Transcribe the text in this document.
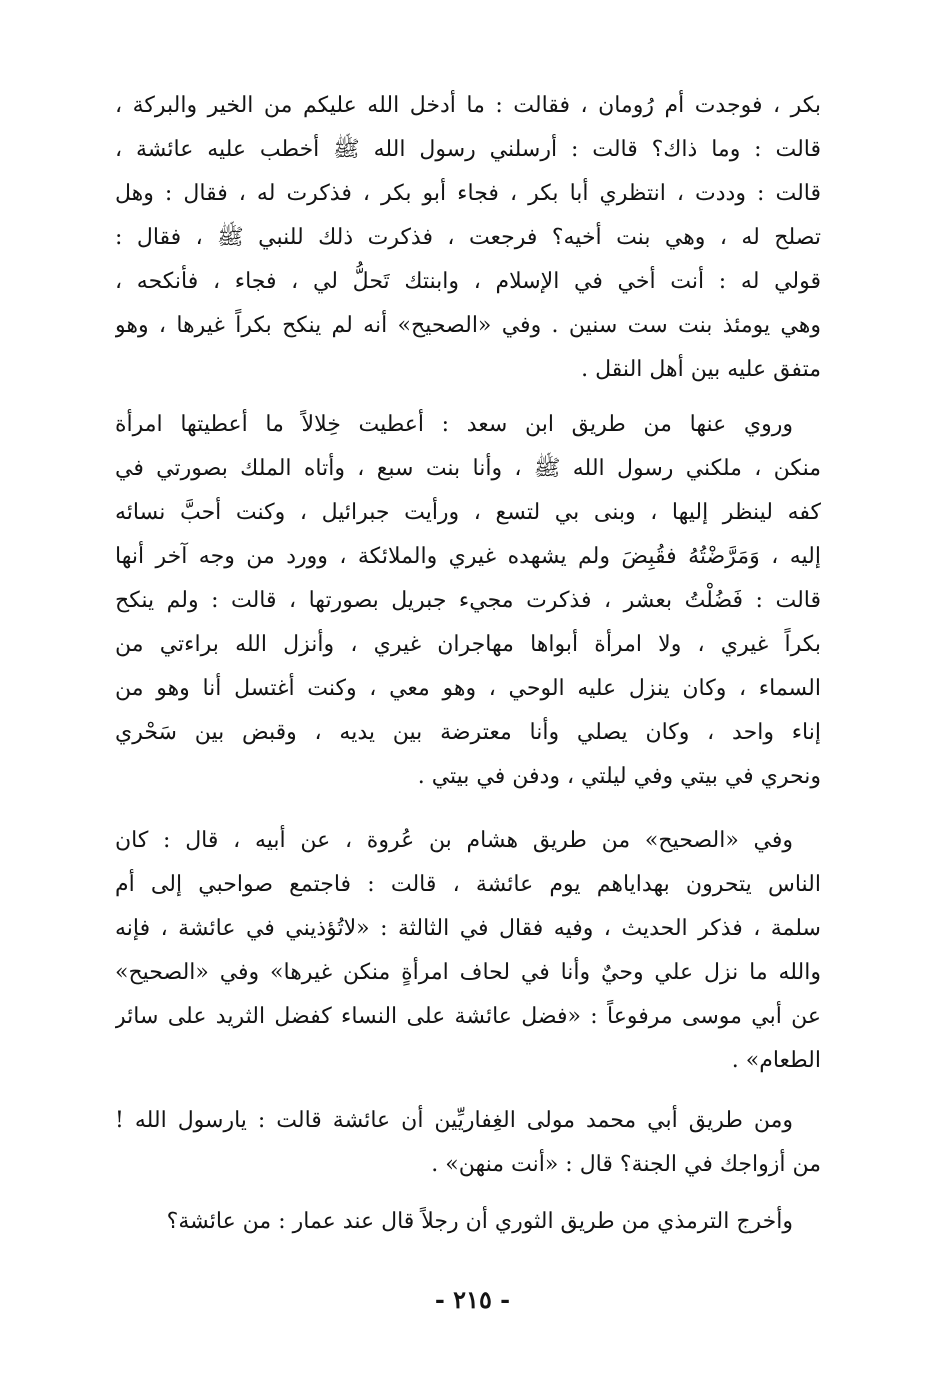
بكر ، فوجدت أم رُومان ، فقالت : ما أدخل الله عليكم من الخير والبركة ،
قالت : وما ذاك؟ قالت : أرسلني رسول الله ﷺ أخطب عليه عائشة ،
قالت : وددت ، انتظري أبا بكر ، فجاء أبو بكر ، فذكرت له ، فقال : وهل
تصلح له ، وهي بنت أخيه؟ فرجعت ، فذكرت ذلك للنبي ﷺ ، فقال :
قولي له : أنت أخي في الإسلام ، وابنتك تَحلُّ لي ، فجاء ، فأنكحه ،
وهي يومئذ بنت ست سنين . وفي «الصحيح» أنه لم ينكح بكراً غيرها ، وهو
متفق عليه بين أهل النقل .
وروي عنها من طريق ابن سعد : أعطيت خِلالاً ما أعطيتها امرأة
منكن ، ملكني رسول الله ﷺ ، وأنا بنت سبع ، وأتاه الملك بصورتي في
كفه لينظر إليها ، وبنى بي لتسع ، ورأيت جبرائيل ، وكنت أحبَّ نسائه
إليه ، وَمَرَّضْتُهُ فقُبِضَ ولم يشهده غيري والملائكة ، وورد من وجه آخر أنها
قالت : فَضُلْتُ بعشر ، فذكرت مجيء جبريل بصورتها ، قالت : ولم ينكح
بكراً غيري ، ولا امرأة أبواها مهاجران غيري ، وأنزل الله براءتي من
السماء ، وكان ينزل عليه الوحي ، وهو معي ، وكنت أغتسل أنا وهو من
إناء واحد ، وكان يصلي وأنا معترضة بين يديه ، وقبض بين سَحْري
ونحري في بيتي وفي ليلتي ، ودفن في بيتي .
وفي «الصحيح» من طريق هشام بن عُروة ، عن أبيه ، قال : كان
الناس يتحرون بهداياهم يوم عائشة ، قالت : فاجتمع صواحبي إلى أم
سلمة ، فذكر الحديث ، وفيه فقال في الثالثة : «لاتُؤذيني في عائشة ، فإنه
والله ما نزل علي وحيٌ وأنا في لحاف امرأةٍ منكن غيرها» وفي «الصحيح»
عن أبي موسى مرفوعاً : «فضل عائشة على النساء كفضل الثريد على سائر
الطعام» .
ومن طريق أبي محمد مولى الغِفاريِّين أن عائشة قالت : يارسول الله !
من أزواجك في الجنة؟ قال : «أنت منهن» .
وأخرج الترمذي من طريق الثوري أن رجلاً قال عند عمار : من عائشة؟
- ٢١٥ -
